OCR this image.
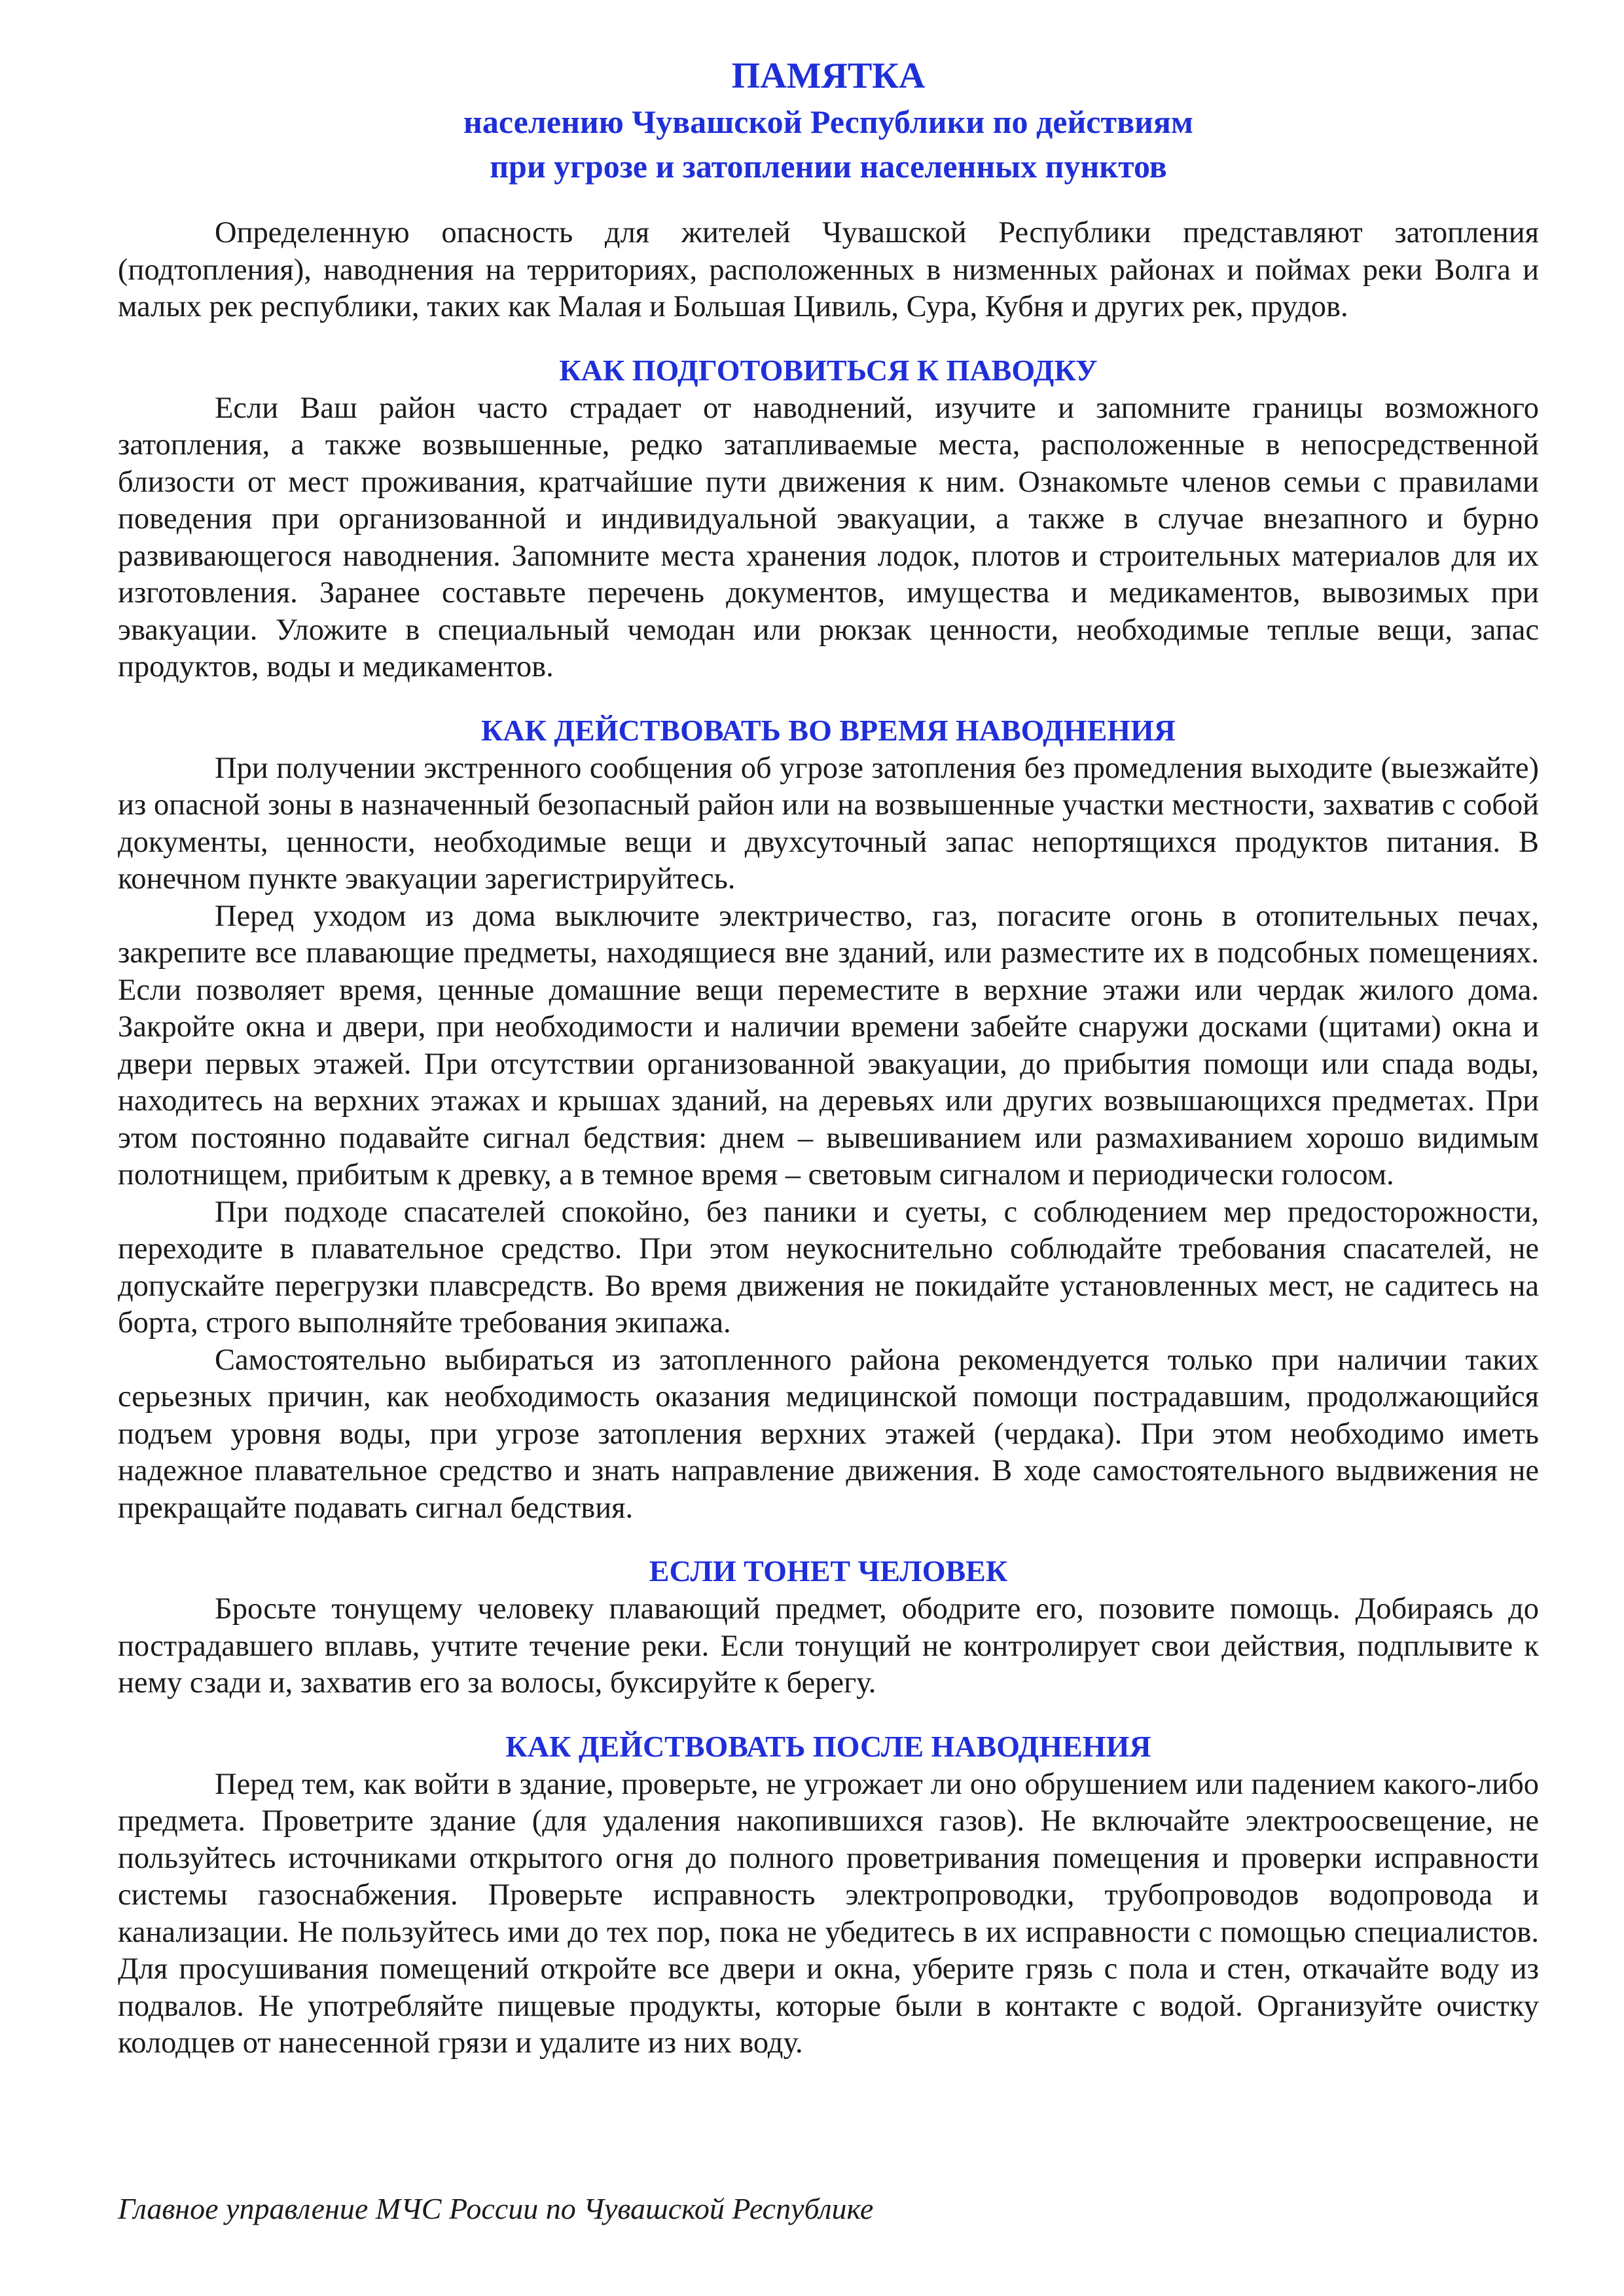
ПАМЯТКА
населению Чувашской Республики по действиям
при угрозе и затоплении населенных пунктов

Определенную опасность для жителей Чувашской Республики представляют затопления (подтопления), наводнения на территориях, расположенных в низменных районах и поймах реки Волга и малых рек республики, таких как Малая и Большая Цивиль, Сура, Кубня и других рек, прудов.

КАК ПОДГОТОВИТЬСЯ К ПАВОДКУ

Если Ваш район часто страдает от наводнений, изучите и запомните границы возможного затопления, а также возвышенные, редко затапливаемые места, расположенные в непосредственной близости от мест проживания, кратчайшие пути движения к ним. Ознакомьте членов семьи с правилами поведения при организованной и индивидуальной эвакуации, а также в случае внезапного и бурно развивающегося наводнения. Запомните места хранения лодок, плотов и строительных материалов для их изготовления. Заранее составьте перечень документов, имущества и медикаментов, вывозимых при эвакуации. Уложите в специальный чемодан или рюкзак ценности, необходимые теплые вещи, запас продуктов, воды и медикаментов.

КАК ДЕЙСТВОВАТЬ ВО ВРЕМЯ НАВОДНЕНИЯ

При получении экстренного сообщения об угрозе затопления без промедления выходите (выезжайте) из опасной зоны в назначенный безопасный район или на возвышенные участки местности, захватив с собой документы, ценности, необходимые вещи и двухсуточный запас непортящихся продуктов питания. В конечном пункте эвакуации зарегистрируйтесь.

Перед уходом из дома выключите электричество, газ, погасите огонь в отопительных печах, закрепите все плавающие предметы, находящиеся вне зданий, или разместите их в подсобных помещениях. Если позволяет время, ценные домашние вещи переместите в верхние этажи или чердак жилого дома. Закройте окна и двери, при необходимости и наличии времени забейте снаружи досками (щитами) окна и двери первых этажей. При отсутствии организованной эвакуации, до прибытия помощи или спада воды, находитесь на верхних этажах и крышах зданий, на деревьях или других возвышающихся предметах. При этом постоянно подавайте сигнал бедствия: днем – вывешиванием или размахиванием хорошо видимым полотнищем, прибитым к древку, а в темное время – световым сигналом и периодически голосом.

При подходе спасателей спокойно, без паники и суеты, с соблюдением мер предосторожности, переходите в плавательное средство. При этом неукоснительно соблюдайте требования спасателей, не допускайте перегрузки плавсредств. Во время движения не покидайте установленных мест, не садитесь на борта, строго выполняйте требования экипажа.

Самостоятельно выбираться из затопленного района рекомендуется только при наличии таких серьезных причин, как необходимость оказания медицинской помощи пострадавшим, продолжающийся подъем уровня воды, при угрозе затопления верхних этажей (чердака). При этом необходимо иметь надежное плавательное средство и знать направление движения. В ходе самостоятельного выдвижения не прекращайте подавать сигнал бедствия.

ЕСЛИ ТОНЕТ ЧЕЛОВЕК

Бросьте тонущему человеку плавающий предмет, ободрите его, позовите помощь. Добираясь до пострадавшего вплавь, учтите течение реки. Если тонущий не контролирует свои действия, подплывите к нему сзади и, захватив его за волосы, буксируйте к берегу.

КАК ДЕЙСТВОВАТЬ ПОСЛЕ НАВОДНЕНИЯ

Перед тем, как войти в здание, проверьте, не угрожает ли оно обрушением или падением какого-либо предмета. Проветрите здание (для удаления накопившихся газов). Не включайте электроосвещение, не пользуйтесь источниками открытого огня до полного проветривания помещения и проверки исправности системы газоснабжения. Проверьте исправность электропроводки, трубопроводов водопровода и канализации. Не пользуйтесь ими до тех пор, пока не убедитесь в их исправности с помощью специалистов. Для просушивания помещений откройте все двери и окна, уберите грязь с пола и стен, откачайте воду из подвалов. Не употребляйте пищевые продукты, которые были в контакте с водой. Организуйте очистку колодцев от нанесенной грязи и удалите из них воду.

Главное управление МЧС России по Чувашской Республике
